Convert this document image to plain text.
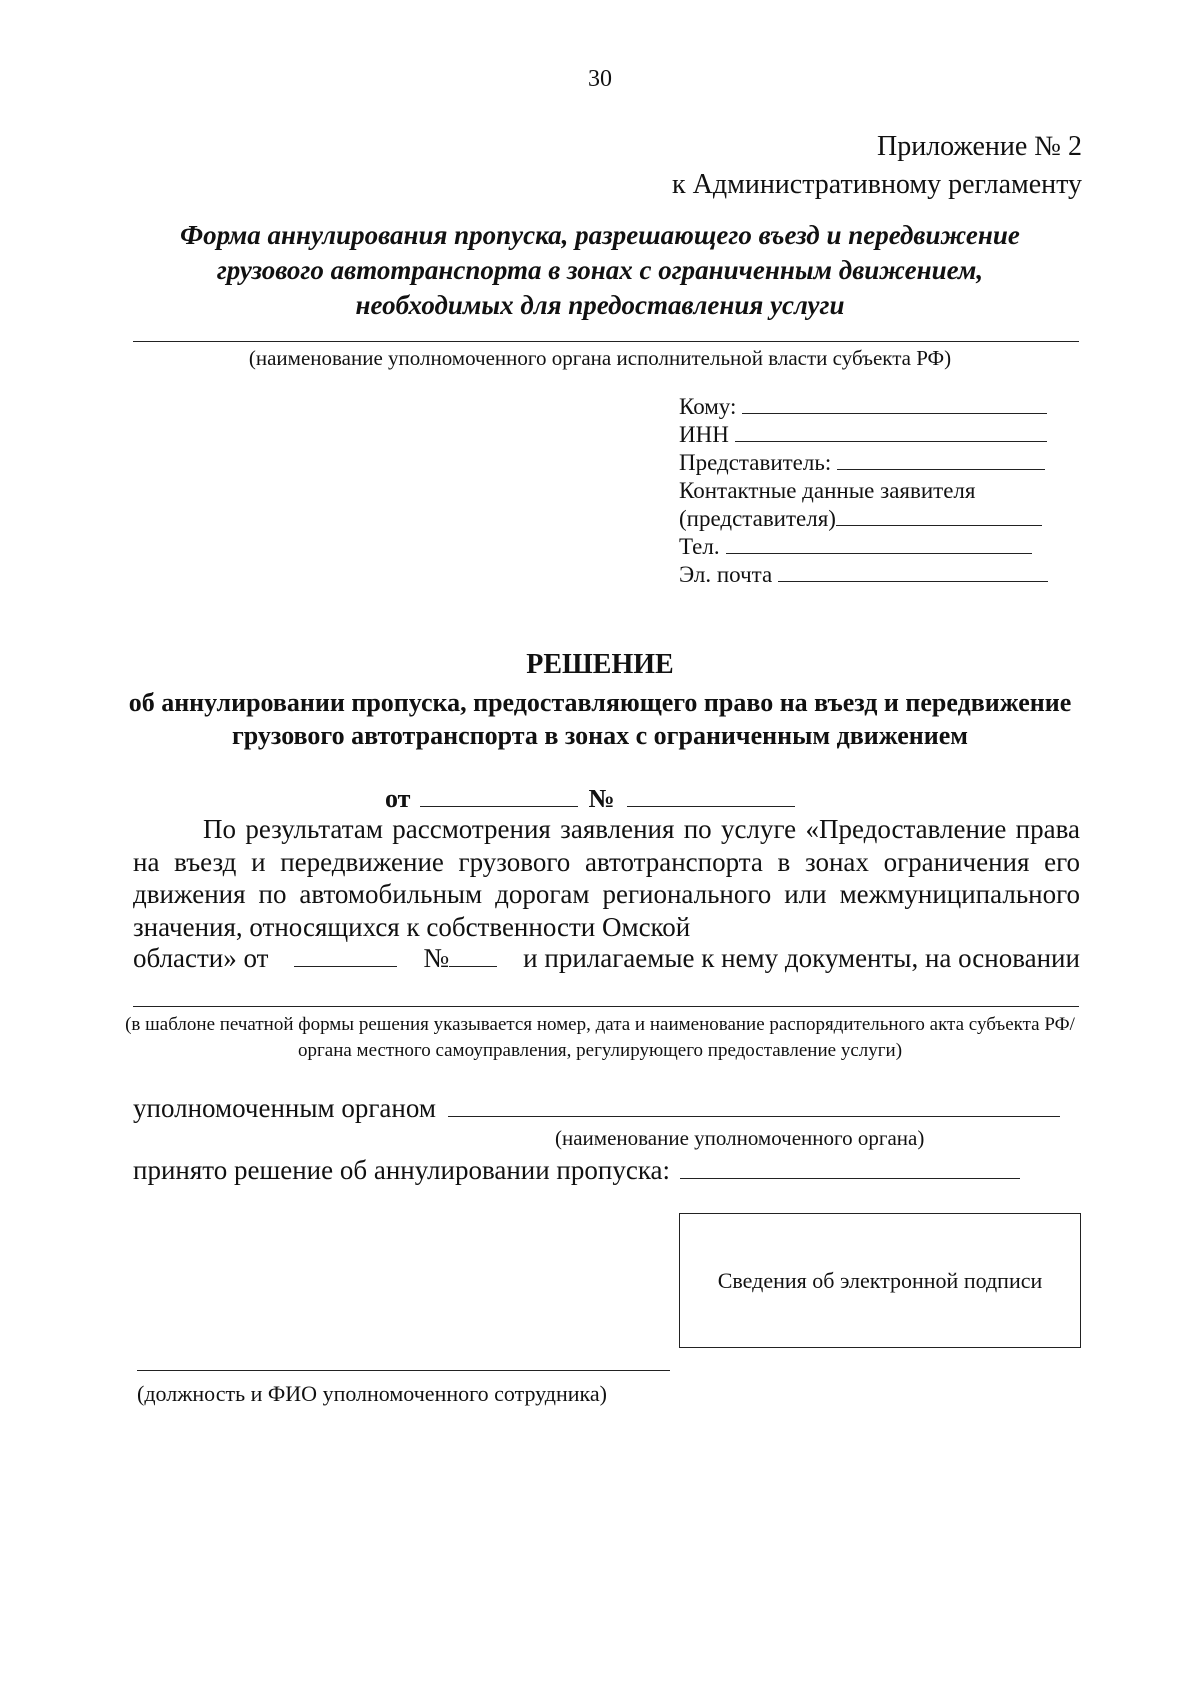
30
Приложение № 2
к Административному регламенту
Форма аннулирования пропуска, разрешающего въезд и передвижение грузового автотранспорта в зонах с ограниченным движением, необходимых для предоставления услуги
(наименование уполномоченного органа исполнительной власти субъекта РФ)
Кому:
ИНН
Представитель:
Контактные данные заявителя
(представителя)
Тел.
Эл. почта
РЕШЕНИЕ
об аннулировании пропуска, предоставляющего право на въезд и передвижение грузового автотранспорта в зонах с ограниченным движением
от	№
По результатам рассмотрения заявления по услуге «Предоставление права на въезд и передвижение грузового автотранспорта в зонах ограничения его движения по автомобильным дорогам регионального или межмуниципального значения, относящихся к собственности Омской
области» от	№	и прилагаемые к нему документы, на основании
(в шаблоне печатной формы решения указывается номер, дата и наименование распорядительного акта субъекта РФ/органа местного самоуправления, регулирующего предоставление услуги)
уполномоченным органом
(наименование уполномоченного органа)
принято решение об аннулировании пропуска:
Сведения об электронной подписи
(должность и ФИО уполномоченного сотрудника)
